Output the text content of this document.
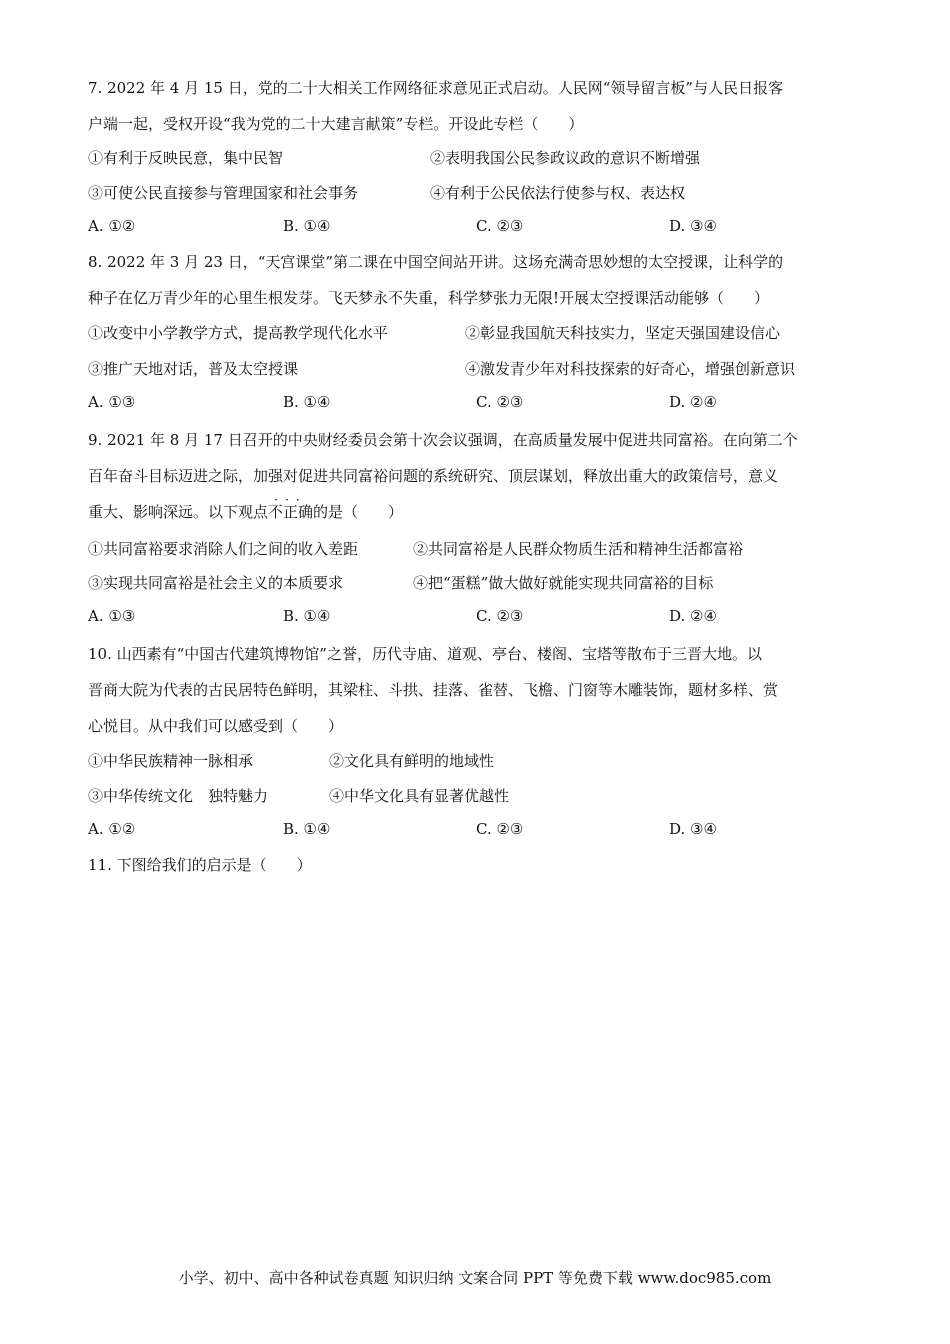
7. 2022 年 4 月 15 日，党的二十大相关工作网络征求意见正式启动。人民网“领导留言板”与人民日报客
户端一起，受权开设“我为党的二十大建言献策”专栏。开设此专栏（　　）
①有利于反映民意，集中民智	②表明我国公民参政议政的意识不断增强
③可使公民直接参与管理国家和社会事务	④有利于公民依法行使参与权、表达权
A. ①②	B. ①④	C. ②③	D. ③④
8. 2022 年 3 月 23 日，“天宫课堂”第二课在中国空间站开讲。这场充满奇思妙想的太空授课，让科学的
种子在亿万青少年的心里生根发芽。飞天梦永不失重，科学梦张力无限!开展太空授课活动能够（　　）
①改变中小学教学方式，提高教学现代化水平	②彰显我国航天科技实力，坚定天强国建设信心
③推广天地对话，普及太空授课	④激发青少年对科技探索的好奇心，增强创新意识
A. ①③	B. ①④	C. ②③	D. ②④
9. 2021 年 8 月 17 日召开的中央财经委员会第十次会议强调，在高质量发展中促进共同富裕。在向第二个
百年奋斗目标迈进之际，加强对促进共同富裕问题的系统研究、顶层谋划，释放出重大的政策信号，意义
重大、影响深远。以下观点
···
不正确的是（　　）
①共同富裕要求消除人们之间的收入差距	②共同富裕是人民群众物质生活和精神生活都富裕
③实现共同富裕是社会主义的本质要求	④把“蛋糕”做大做好就能实现共同富裕的目标
A. ①③	B. ①④	C. ②③	D. ②④
10. 山西素有“中国古代建筑博物馆”之誉，历代寺庙、道观、亭台、楼阁、宝塔等散布于三晋大地。以
晋商大院为代表的古民居特色鲜明，其梁柱、斗拱、挂落、雀替、飞檐、门窗等木雕装饰，题材多样、赏
心悦目。从中我们可以感受到（　　）
①中华民族精神一脉相承	②文化具有鲜明的地域性
③中华传统文化　独特魅力	④中华文化具有显著优越性
A. ①②	B. ①④	C. ②③	D. ③④
11. 下图给我们的启示是（　　）
小学、初中、高中各种试卷真题 知识归纳 文案合同 PPT 等免费下载 www.doc985.com
